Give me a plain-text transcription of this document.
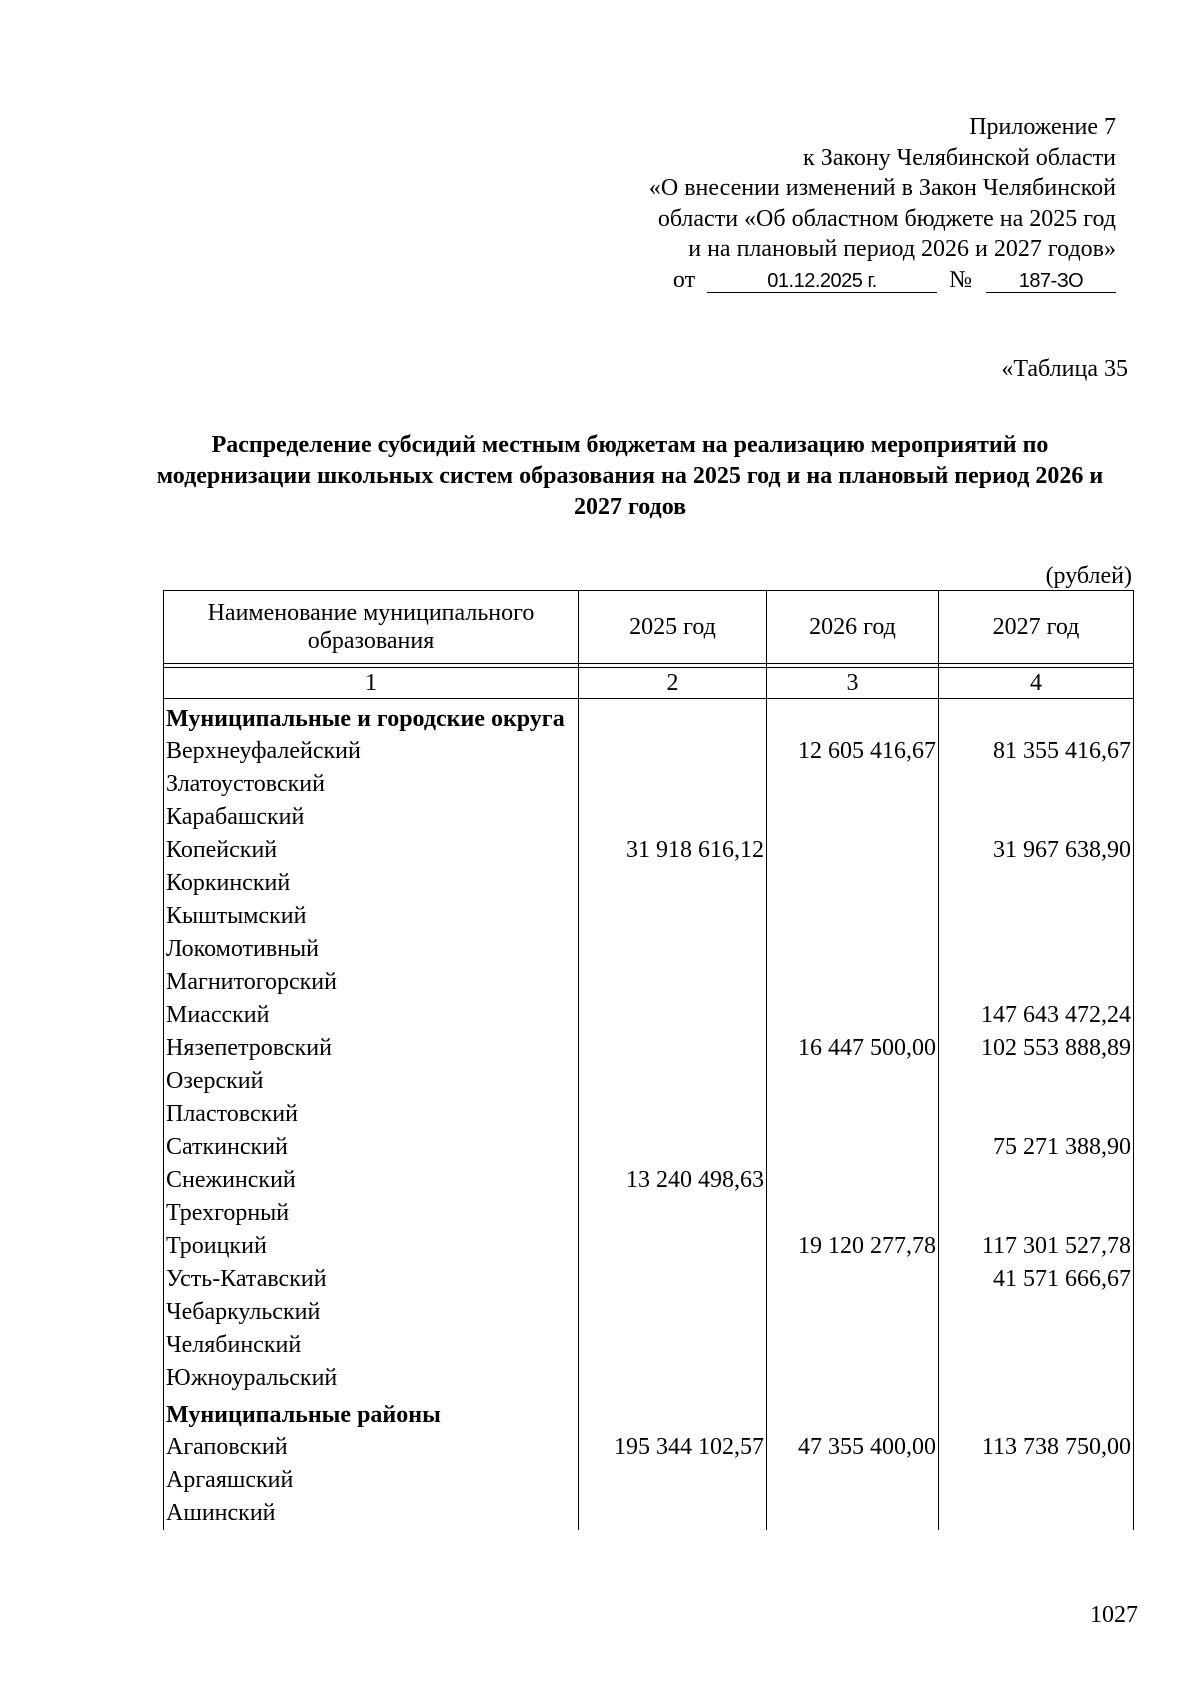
Приложение 7
к Закону Челябинской области
«О внесении изменений в Закон Челябинской
области «Об областном бюджете на 2025 год
и на плановый период 2026 и 2027 годов»
от	01.12.2025 г.	№ 187-ЗО
«Таблица 35
Распределение субсидий местным бюджетам на реализацию мероприятий по модернизации школьных систем образования на 2025 год и на плановый период 2026 и 2027 годов
(рублей)
Наименование муниципального образования	2025 год	2026 год	2027 год

1	2	3	4
Муниципальные и городские округа			
Верхнеуфалейский		12 605 416,67	81 355 416,67
Златоустовский			
Карабашский			
Копейский	31 918 616,12		31 967 638,90
Коркинский			
Кыштымский			
Локомотивный			
Магнитогорский			
Миасский			147 643 472,24
Нязепетровский		16 447 500,00	102 553 888,89
Озерский			
Пластовский			
Саткинский			75 271 388,90
Снежинский	13 240 498,63		
Трехгорный			
Троицкий		19 120 277,78	117 301 527,78
Усть-Катавский			41 571 666,67
Чебаркульский			
Челябинский			
Южноуральский			
Муниципальные районы			
Агаповский	195 344 102,57	47 355 400,00	113 738 750,00
Аргаяшский			
Ашинский			
1027
